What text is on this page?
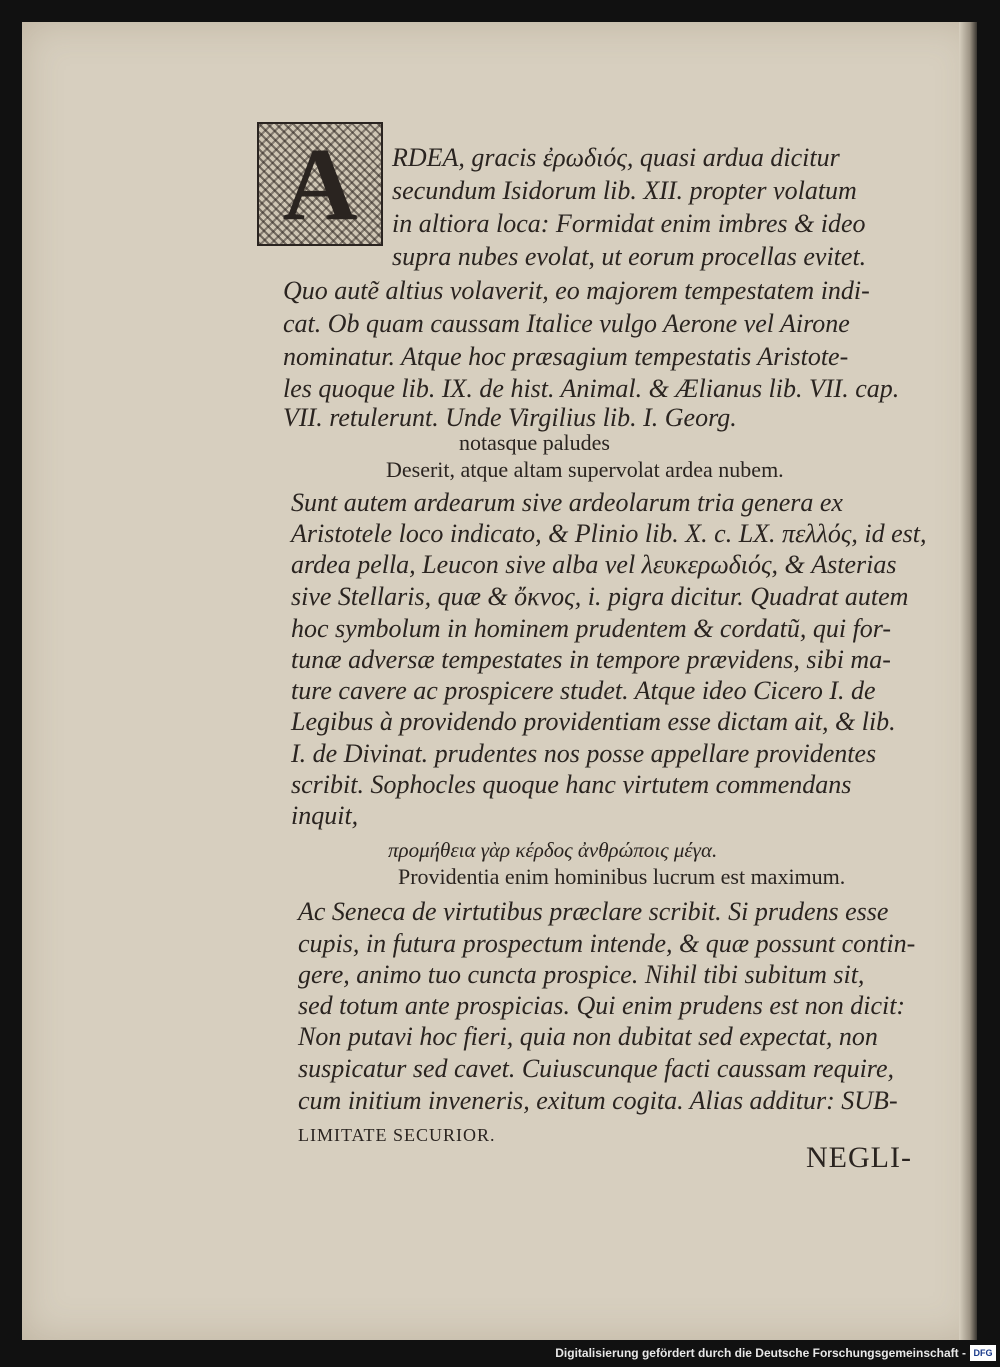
A	RDEA, gracis ἐρωδιός, quasi ardua dicitur
secundum Isidorum lib. XII. propter volatum
in altiora loca: Formidat enim imbres & ideo
supra nubes evolat, ut eorum procellas evitet.
Quo autẽ altius volaverit, eo majorem tempestatem indi-
cat. Ob quam caussam Italice vulgo Aerone vel Airone
nominatur. Atque hoc præsagium tempestatis Aristote-
les quoque lib. IX. de hist. Animal. & Ælianus lib. VII. cap.
VII. retulerunt. Unde Virgilius lib. I. Georg.
notasque paludes
Deserit, atque altam supervolat ardea nubem.
Sunt autem ardearum sive ardeolarum tria genera ex
Aristotele loco indicato, & Plinio lib. X. c. LX. πελλός, id est,
ardea pella, Leucon sive alba vel λευκερωδιός, & Asterias
sive Stellaris, quæ & ὄκνος, i. pigra dicitur. Quadrat autem
hoc symbolum in hominem prudentem & cordatũ, qui for-
tunæ adversæ tempestates in tempore prævidens, sibi ma-
ture cavere ac prospicere studet. Atque ideo Cicero I. de
Legibus à providendo providentiam esse dictam ait, & lib.
I. de Divinat. prudentes nos posse appellare providentes
scribit. Sophocles quoque hanc virtutem commendans
inquit,
προμήθεια γὰρ κέρδος ἀνθρώποις μέγα.
Providentia enim hominibus lucrum est maximum.
Ac Seneca de virtutibus præclare scribit. Si prudens esse
cupis, in futura prospectum intende, & quæ possunt contin-
gere, animo tuo cuncta prospice. Nihil tibi subitum sit,
sed totum ante prospicias. Qui enim prudens est non dicit:
Non putavi hoc fieri, quia non dubitat sed expectat, non
suspicatur sed cavet. Cuiuscunque facti caussam require,
cum initium inveneris, exitum cogita. Alias additur: SUB-
LIMITATE SECURIOR.
NEGLI-
Digitalisierung gefördert durch die Deutsche Forschungsgemeinschaft - DFG
